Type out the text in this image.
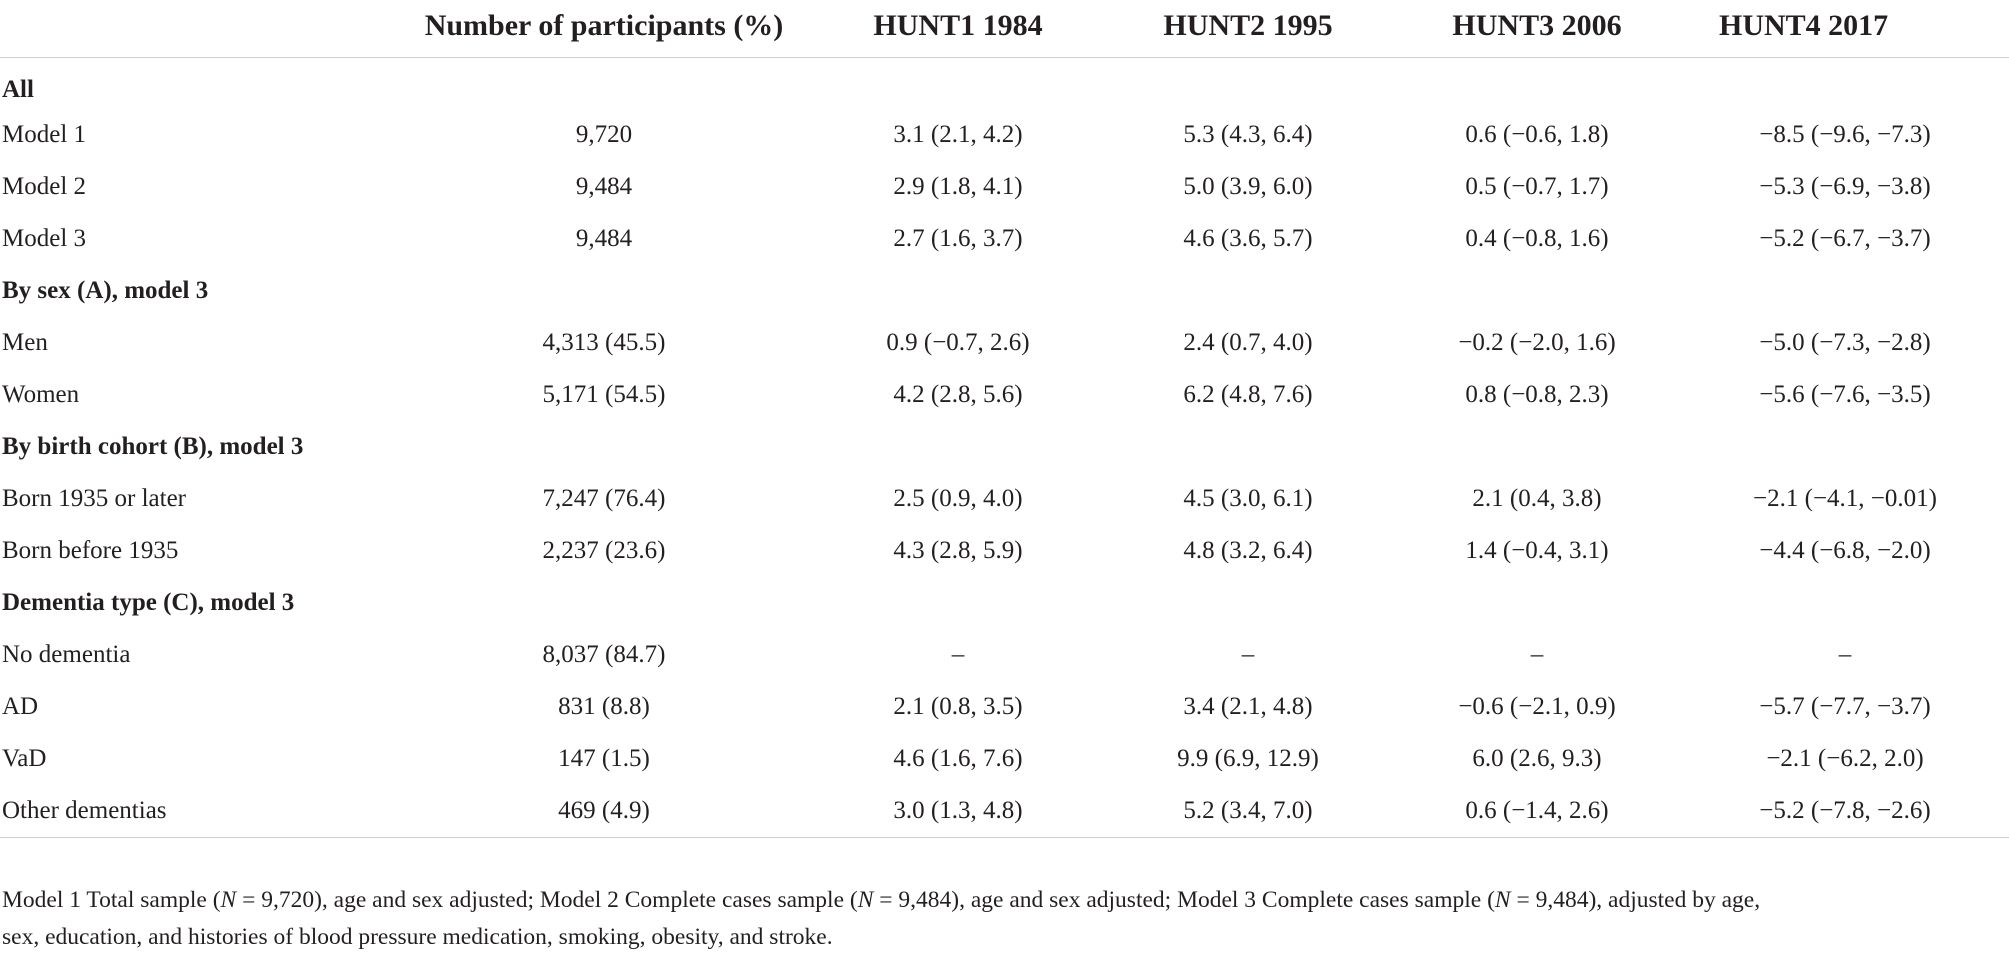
	Number of participants (%)	HUNT1 1984	HUNT2 1995	HUNT3 2006	HUNT4 2017
All					
Model 1	9,720	3.1 (2.1, 4.2)	5.3 (4.3, 6.4)	0.6 (−0.6, 1.8)	−8.5 (−9.6, −7.3)
Model 2	9,484	2.9 (1.8, 4.1)	5.0 (3.9, 6.0)	0.5 (−0.7, 1.7)	−5.3 (−6.9, −3.8)
Model 3	9,484	2.7 (1.6, 3.7)	4.6 (3.6, 5.7)	0.4 (−0.8, 1.6)	−5.2 (−6.7, −3.7)
By sex (A), model 3					
Men	4,313 (45.5)	0.9 (−0.7, 2.6)	2.4 (0.7, 4.0)	−0.2 (−2.0, 1.6)	−5.0 (−7.3, −2.8)
Women	5,171 (54.5)	4.2 (2.8, 5.6)	6.2 (4.8, 7.6)	0.8 (−0.8, 2.3)	−5.6 (−7.6, −3.5)
By birth cohort (B), model 3					
Born 1935 or later	7,247 (76.4)	2.5 (0.9, 4.0)	4.5 (3.0, 6.1)	2.1 (0.4, 3.8)	−2.1 (−4.1, −0.01)
Born before 1935	2,237 (23.6)	4.3 (2.8, 5.9)	4.8 (3.2, 6.4)	1.4 (−0.4, 3.1)	−4.4 (−6.8, −2.0)
Dementia type (C), model 3					
No dementia	8,037 (84.7)	–	–	–	–
AD	831 (8.8)	2.1 (0.8, 3.5)	3.4 (2.1, 4.8)	−0.6 (−2.1, 0.9)	−5.7 (−7.7, −3.7)
VaD	147 (1.5)	4.6 (1.6, 7.6)	9.9 (6.9, 12.9)	6.0 (2.6, 9.3)	−2.1 (−6.2, 2.0)
Other dementias	469 (4.9)	3.0 (1.3, 4.8)	5.2 (3.4, 7.0)	0.6 (−1.4, 2.6)	−5.2 (−7.8, −2.6)
Model 1 Total sample (N = 9,720), age and sex adjusted; Model 2 Complete cases sample (N = 9,484), age and sex adjusted; Model 3 Complete cases sample (N = 9,484), adjusted by age,
sex, education, and histories of blood pressure medication, smoking, obesity, and stroke.
